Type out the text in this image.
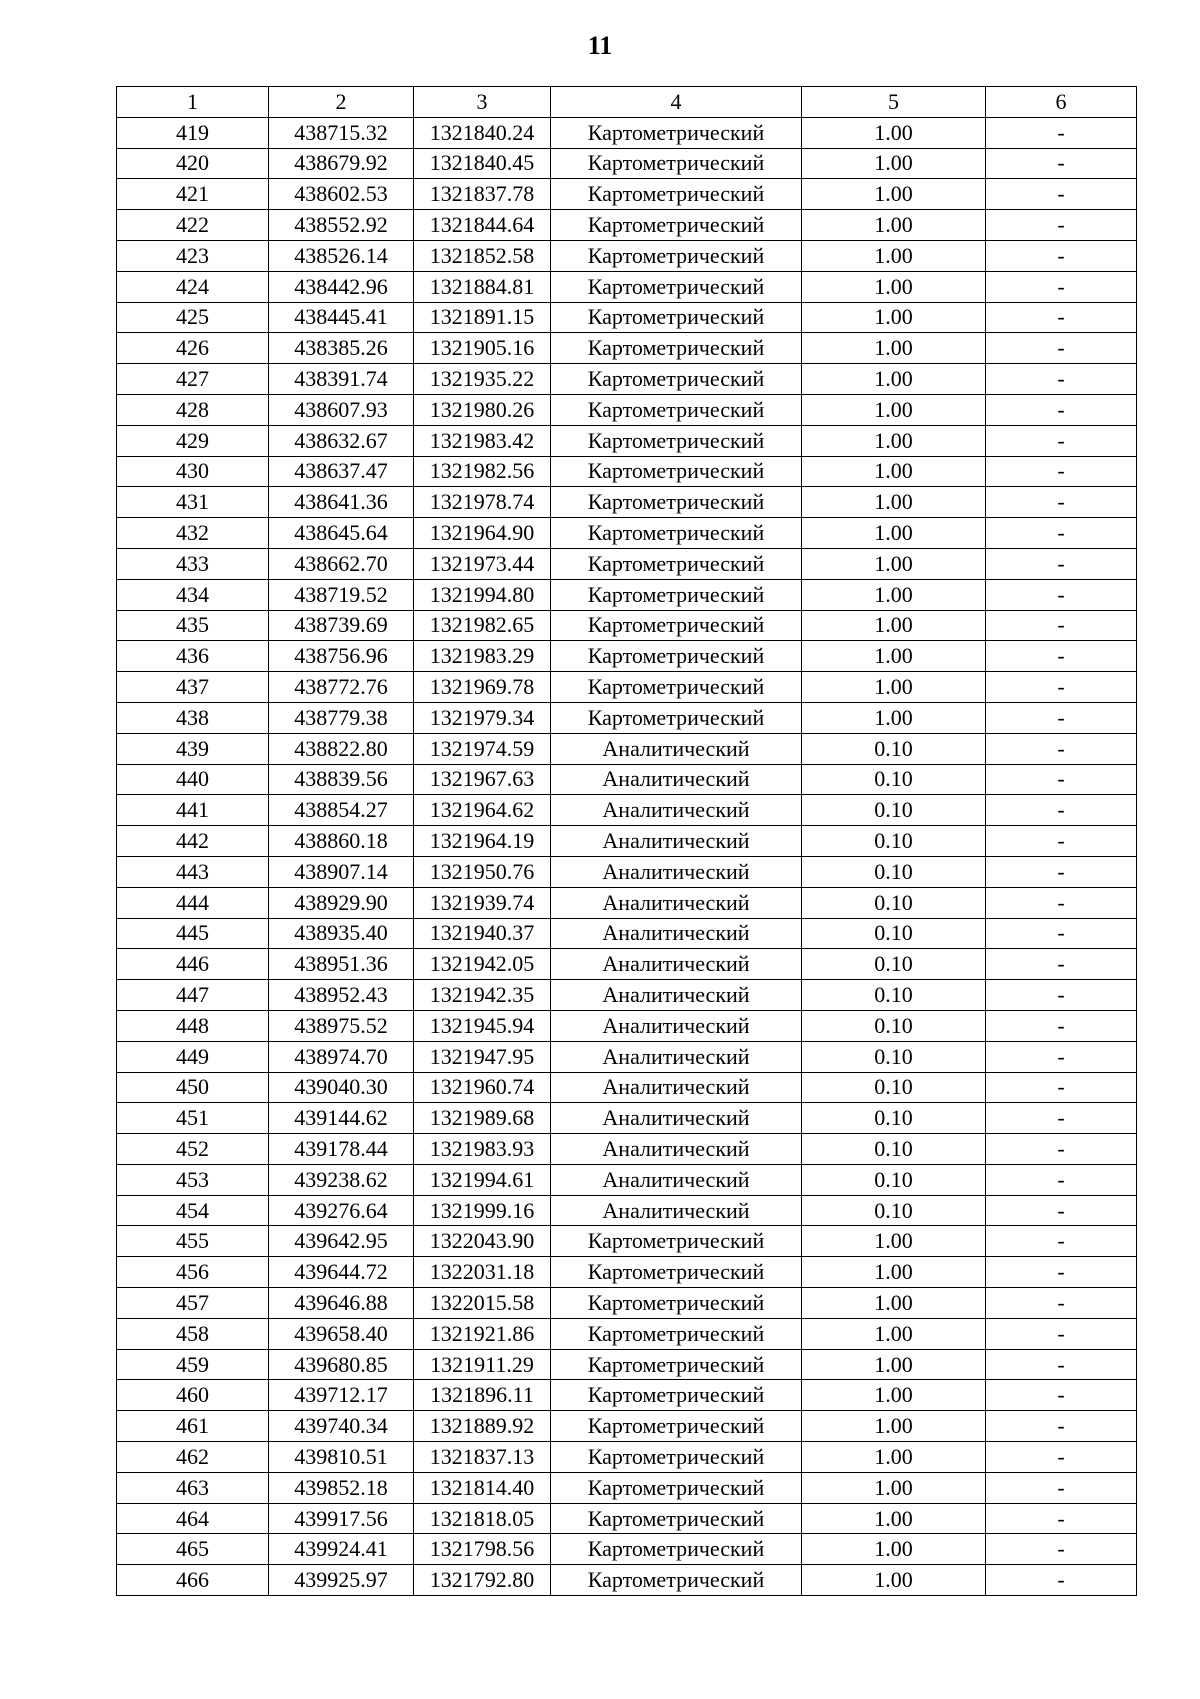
11
1	2	3	4	5	6
419	438715.32	1321840.24	Картометрический	1.00	-
420	438679.92	1321840.45	Картометрический	1.00	-
421	438602.53	1321837.78	Картометрический	1.00	-
422	438552.92	1321844.64	Картометрический	1.00	-
423	438526.14	1321852.58	Картометрический	1.00	-
424	438442.96	1321884.81	Картометрический	1.00	-
425	438445.41	1321891.15	Картометрический	1.00	-
426	438385.26	1321905.16	Картометрический	1.00	-
427	438391.74	1321935.22	Картометрический	1.00	-
428	438607.93	1321980.26	Картометрический	1.00	-
429	438632.67	1321983.42	Картометрический	1.00	-
430	438637.47	1321982.56	Картометрический	1.00	-
431	438641.36	1321978.74	Картометрический	1.00	-
432	438645.64	1321964.90	Картометрический	1.00	-
433	438662.70	1321973.44	Картометрический	1.00	-
434	438719.52	1321994.80	Картометрический	1.00	-
435	438739.69	1321982.65	Картометрический	1.00	-
436	438756.96	1321983.29	Картометрический	1.00	-
437	438772.76	1321969.78	Картометрический	1.00	-
438	438779.38	1321979.34	Картометрический	1.00	-
439	438822.80	1321974.59	Аналитический	0.10	-
440	438839.56	1321967.63	Аналитический	0.10	-
441	438854.27	1321964.62	Аналитический	0.10	-
442	438860.18	1321964.19	Аналитический	0.10	-
443	438907.14	1321950.76	Аналитический	0.10	-
444	438929.90	1321939.74	Аналитический	0.10	-
445	438935.40	1321940.37	Аналитический	0.10	-
446	438951.36	1321942.05	Аналитический	0.10	-
447	438952.43	1321942.35	Аналитический	0.10	-
448	438975.52	1321945.94	Аналитический	0.10	-
449	438974.70	1321947.95	Аналитический	0.10	-
450	439040.30	1321960.74	Аналитический	0.10	-
451	439144.62	1321989.68	Аналитический	0.10	-
452	439178.44	1321983.93	Аналитический	0.10	-
453	439238.62	1321994.61	Аналитический	0.10	-
454	439276.64	1321999.16	Аналитический	0.10	-
455	439642.95	1322043.90	Картометрический	1.00	-
456	439644.72	1322031.18	Картометрический	1.00	-
457	439646.88	1322015.58	Картометрический	1.00	-
458	439658.40	1321921.86	Картометрический	1.00	-
459	439680.85	1321911.29	Картометрический	1.00	-
460	439712.17	1321896.11	Картометрический	1.00	-
461	439740.34	1321889.92	Картометрический	1.00	-
462	439810.51	1321837.13	Картометрический	1.00	-
463	439852.18	1321814.40	Картометрический	1.00	-
464	439917.56	1321818.05	Картометрический	1.00	-
465	439924.41	1321798.56	Картометрический	1.00	-
466	439925.97	1321792.80	Картометрический	1.00	-
